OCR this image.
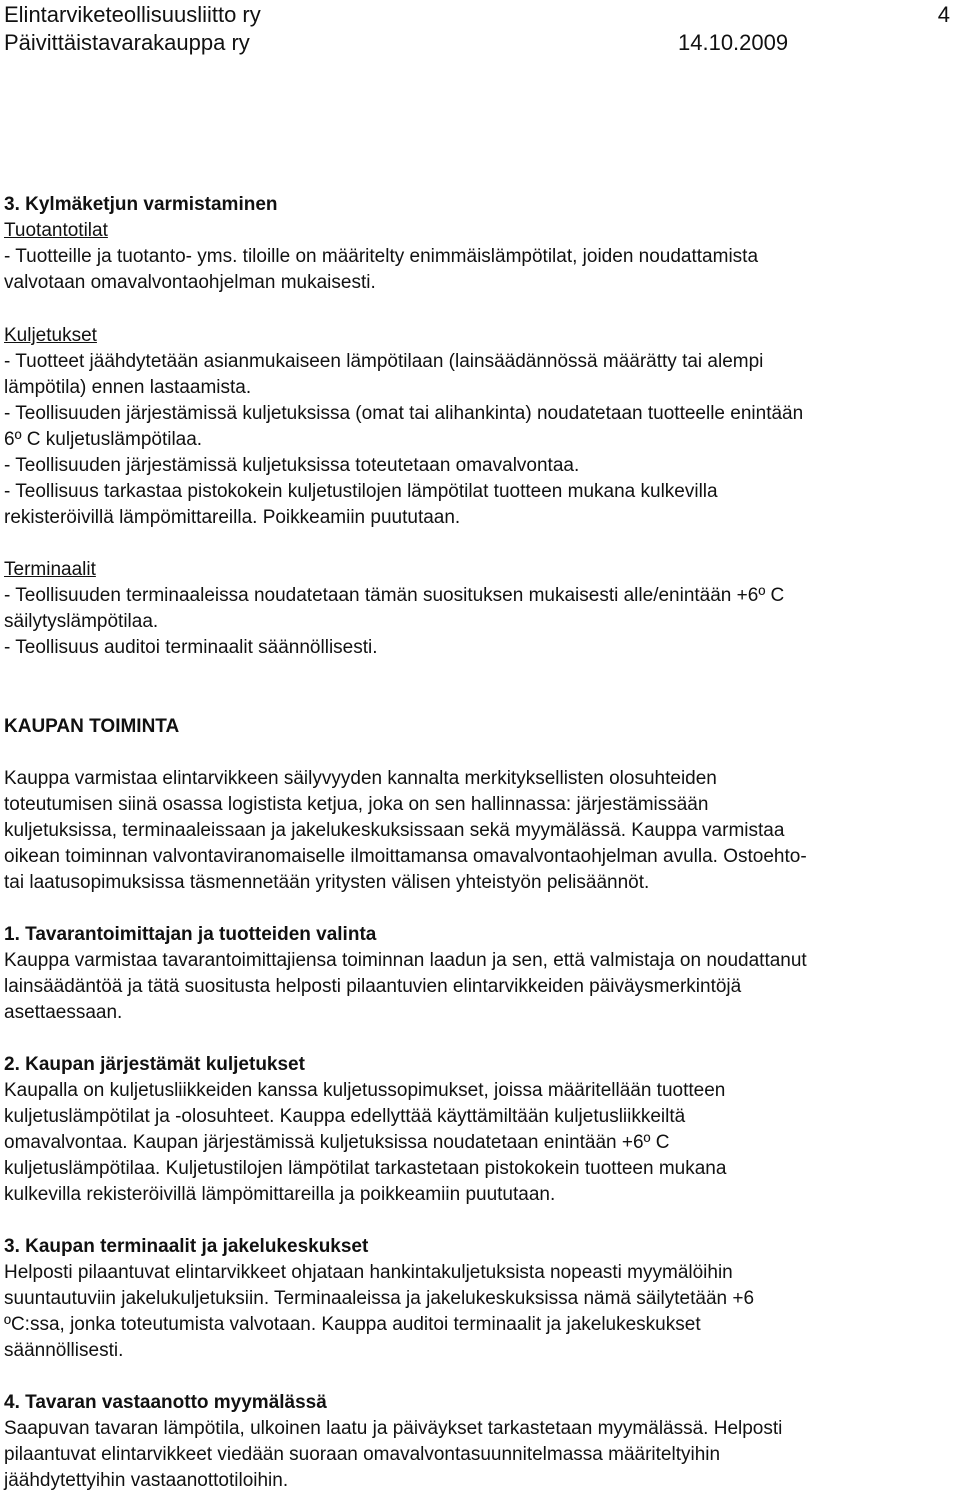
Elintarviketeollisuusliitto ry	4
Päivittäistavarakauppa ry	14.10.2009
3. Kylmäketjun varmistaminen
Tuotantotilat
- Tuotteille ja tuotanto- yms. tiloille on määritelty enimmäislämpötilat, joiden noudattamista
valvotaan omavalvontaohjelman mukaisesti.
Kuljetukset
- Tuotteet jäähdytetään asianmukaiseen lämpötilaan (lainsäädännössä määrätty tai alempi
lämpötila) ennen lastaamista.
- Teollisuuden järjestämissä kuljetuksissa (omat tai alihankinta) noudatetaan tuotteelle enintään
6º C kuljetuslämpötilaa.
- Teollisuuden järjestämissä kuljetuksissa toteutetaan omavalvontaa.
- Teollisuus tarkastaa pistokokein kuljetustilojen lämpötilat tuotteen mukana kulkevilla
rekisteröivillä lämpömittareilla. Poikkeamiin puututaan.
Terminaalit
- Teollisuuden terminaaleissa noudatetaan tämän suosituksen mukaisesti alle/enintään +6º C
säilytyslämpötilaa.
- Teollisuus auditoi terminaalit säännöllisesti.
KAUPAN TOIMINTA
Kauppa varmistaa elintarvikkeen säilyvyyden kannalta merkityksellisten olosuhteiden
toteutumisen siinä osassa logistista ketjua, joka on sen hallinnassa: järjestämissään
kuljetuksissa, terminaaleissaan ja jakelukeskuksissaan sekä myymälässä. Kauppa varmistaa
oikean toiminnan valvontaviranomaiselle ilmoittamansa omavalvontaohjelman avulla. Ostoehto-
tai laatusopimuksissa täsmennetään yritysten välisen yhteistyön pelisäännöt.
1. Tavarantoimittajan ja tuotteiden valinta
Kauppa varmistaa tavarantoimittajiensa toiminnan laadun ja sen, että valmistaja on noudattanut
lainsäädäntöä ja tätä suositusta helposti pilaantuvien elintarvikkeiden päiväysmerkintöjä
asettaessaan.
2. Kaupan järjestämät kuljetukset
Kaupalla on kuljetusliikkeiden kanssa kuljetussopimukset, joissa määritellään tuotteen
kuljetuslämpötilat ja -olosuhteet. Kauppa edellyttää käyttämiltään kuljetusliikkeiltä
omavalvontaa. Kaupan järjestämissä kuljetuksissa noudatetaan enintään +6º C
kuljetuslämpötilaa. Kuljetustilojen lämpötilat tarkastetaan pistokokein tuotteen mukana
kulkevilla rekisteröivillä lämpömittareilla ja poikkeamiin puututaan.
3. Kaupan terminaalit ja jakelukeskukset
Helposti pilaantuvat elintarvikkeet ohjataan hankintakuljetuksista nopeasti myymälöihin
suuntautuviin jakelukuljetuksiin. Terminaaleissa ja jakelukeskuksissa nämä säilytetään +6
ºC:ssa, jonka toteutumista valvotaan. Kauppa auditoi terminaalit ja jakelukeskukset
säännöllisesti.
4. Tavaran vastaanotto myymälässä
Saapuvan tavaran lämpötila, ulkoinen laatu ja päiväykset tarkastetaan myymälässä. Helposti
pilaantuvat elintarvikkeet viedään suoraan omavalvontasuunnitelmassa määriteltyihin
jäähdytettyihin vastaanottotiloihin.
